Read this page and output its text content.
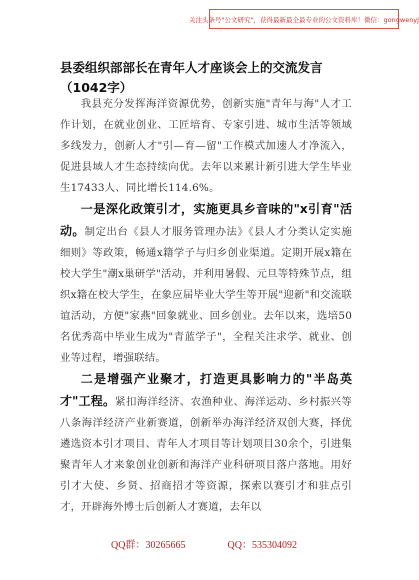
关注头条号"公文研究"，获得最新最全最专业的公文资料库！微信：gongwenyj
县委组织部部长在青年人才座谈会上的交流发言（1042字）

我县充分发挥海洋资源优势，创新实施"青年与海"人才工作计划，在就业创业、工匠培育、专家引进、城市生活等领域多线发力，创新人才"引—育—留"工作模式加速人才净流入，促进县域人才生态持续向优。去年以来累计新引进大学生毕业生17433人、同比增长114.6%。

一是深化政策引才，实施更具乡音味的"x引育"活动。制定出台《县人才服务管理办法》《县人才分类认定实施细则》等政策，畅通x籍学子与归乡创业渠道。定期开展x籍在校大学生"潮x巢研学"活动，并利用暑假、元旦等特殊节点，组织x籍在校大学生，在象应届毕业大学生等开展"迎新"和交流联谊活动，方便"家燕"回象就业、回乡创业。去年以来，选培50名优秀高中毕业生成为"青蓝学子"，全程关注求学、就业、创业等过程，增强联结。

二是增强产业聚才，打造更具影响力的"半岛英才"工程。紧扣海洋经济、农渔种业、海洋运动、乡村振兴等八条海洋经济产业新赛道，创新举办海洋经济双创大赛，择优遴选资本引才项目、青年人才项目等计划项目30余个，引进集聚青年人才来象创业创新和海洋产业科研项目落户落地。用好引才大使、乡贤、招商招才等资源，探索以赛引才和驻点引才，开辟海外博士后创新人才赛道，去年以

QQ群：30265665	QQ：535304092
